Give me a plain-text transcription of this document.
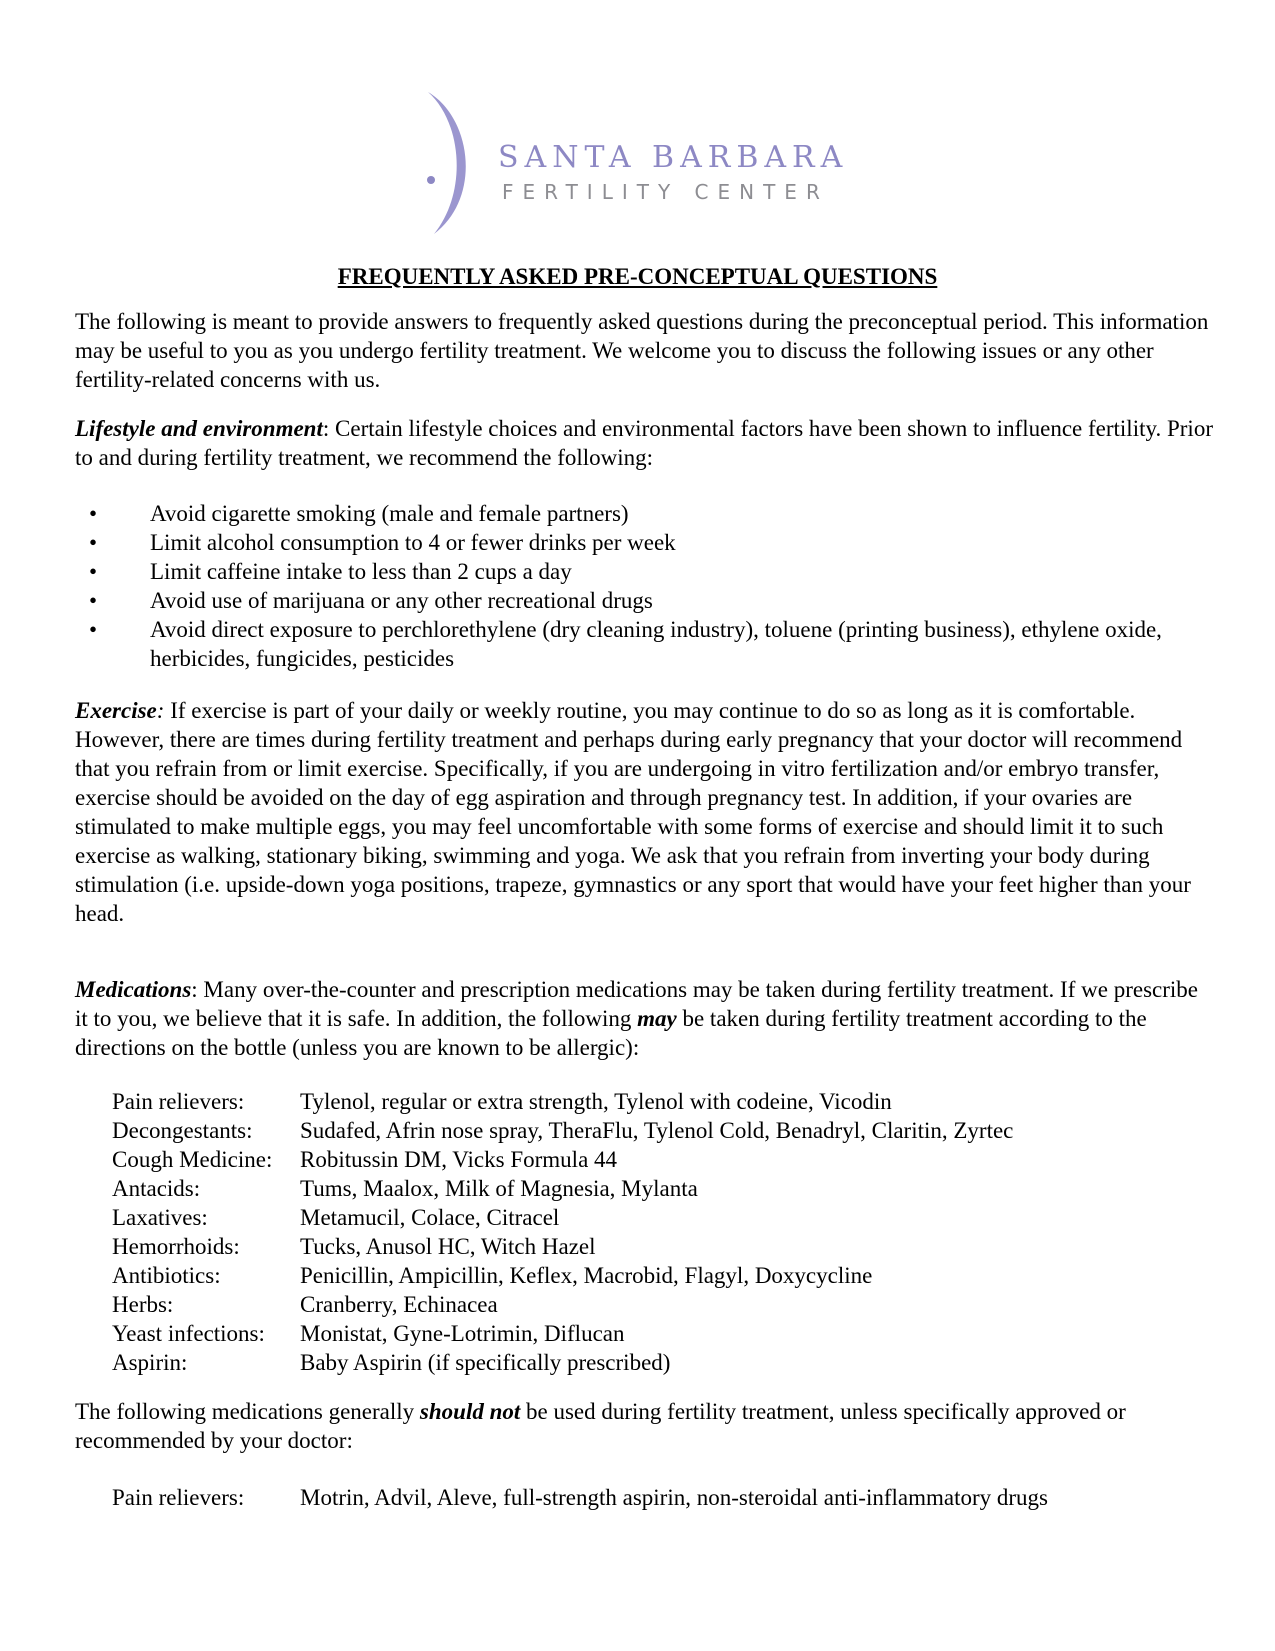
SANTA BARBARA
FERTILITY CENTER
FREQUENTLY ASKED PRE-CONCEPTUAL QUESTIONS
The following is meant to provide answers to frequently asked questions during the preconceptual period. This information may be useful to you as you undergo fertility treatment. We welcome you to discuss the following issues or any other fertility-related concerns with us.
Lifestyle and environment: Certain lifestyle choices and environmental factors have been shown to influence fertility. Prior to and during fertility treatment, we recommend the following:
• Avoid cigarette smoking (male and female partners)
• Limit alcohol consumption to 4 or fewer drinks per week
• Limit caffeine intake to less than 2 cups a day
• Avoid use of marijuana or any other recreational drugs
• Avoid direct exposure to perchlorethylene (dry cleaning industry), toluene (printing business), ethylene oxide, herbicides, fungicides, pesticides
Exercise: If exercise is part of your daily or weekly routine, you may continue to do so as long as it is comfortable. However, there are times during fertility treatment and perhaps during early pregnancy that your doctor will recommend that you refrain from or limit exercise. Specifically, if you are undergoing in vitro fertilization and/or embryo transfer, exercise should be avoided on the day of egg aspiration and through pregnancy test. In addition, if your ovaries are stimulated to make multiple eggs, you may feel uncomfortable with some forms of exercise and should limit it to such exercise as walking, stationary biking, swimming and yoga. We ask that you refrain from inverting your body during stimulation (i.e. upside-down yoga positions, trapeze, gymnastics or any sport that would have your feet higher than your head.
Medications: Many over-the-counter and prescription medications may be taken during fertility treatment. If we prescribe it to you, we believe that it is safe. In addition, the following may be taken during fertility treatment according to the directions on the bottle (unless you are known to be allergic):
Pain relievers:	Tylenol, regular or extra strength, Tylenol with codeine, Vicodin
Decongestants:	Sudafed, Afrin nose spray, TheraFlu, Tylenol Cold, Benadryl, Claritin, Zyrtec
Cough Medicine:	Robitussin DM, Vicks Formula 44
Antacids:	Tums, Maalox, Milk of Magnesia, Mylanta
Laxatives:	Metamucil, Colace, Citracel
Hemorrhoids:	Tucks, Anusol HC, Witch Hazel
Antibiotics:	Penicillin, Ampicillin, Keflex, Macrobid, Flagyl, Doxycycline
Herbs:	Cranberry, Echinacea
Yeast infections:	Monistat, Gyne-Lotrimin, Diflucan
Aspirin:	Baby Aspirin (if specifically prescribed)
The following medications generally should not be used during fertility treatment, unless specifically approved or recommended by your doctor:
Pain relievers:	Motrin, Advil, Aleve, full-strength aspirin, non-steroidal anti-inflammatory drugs
